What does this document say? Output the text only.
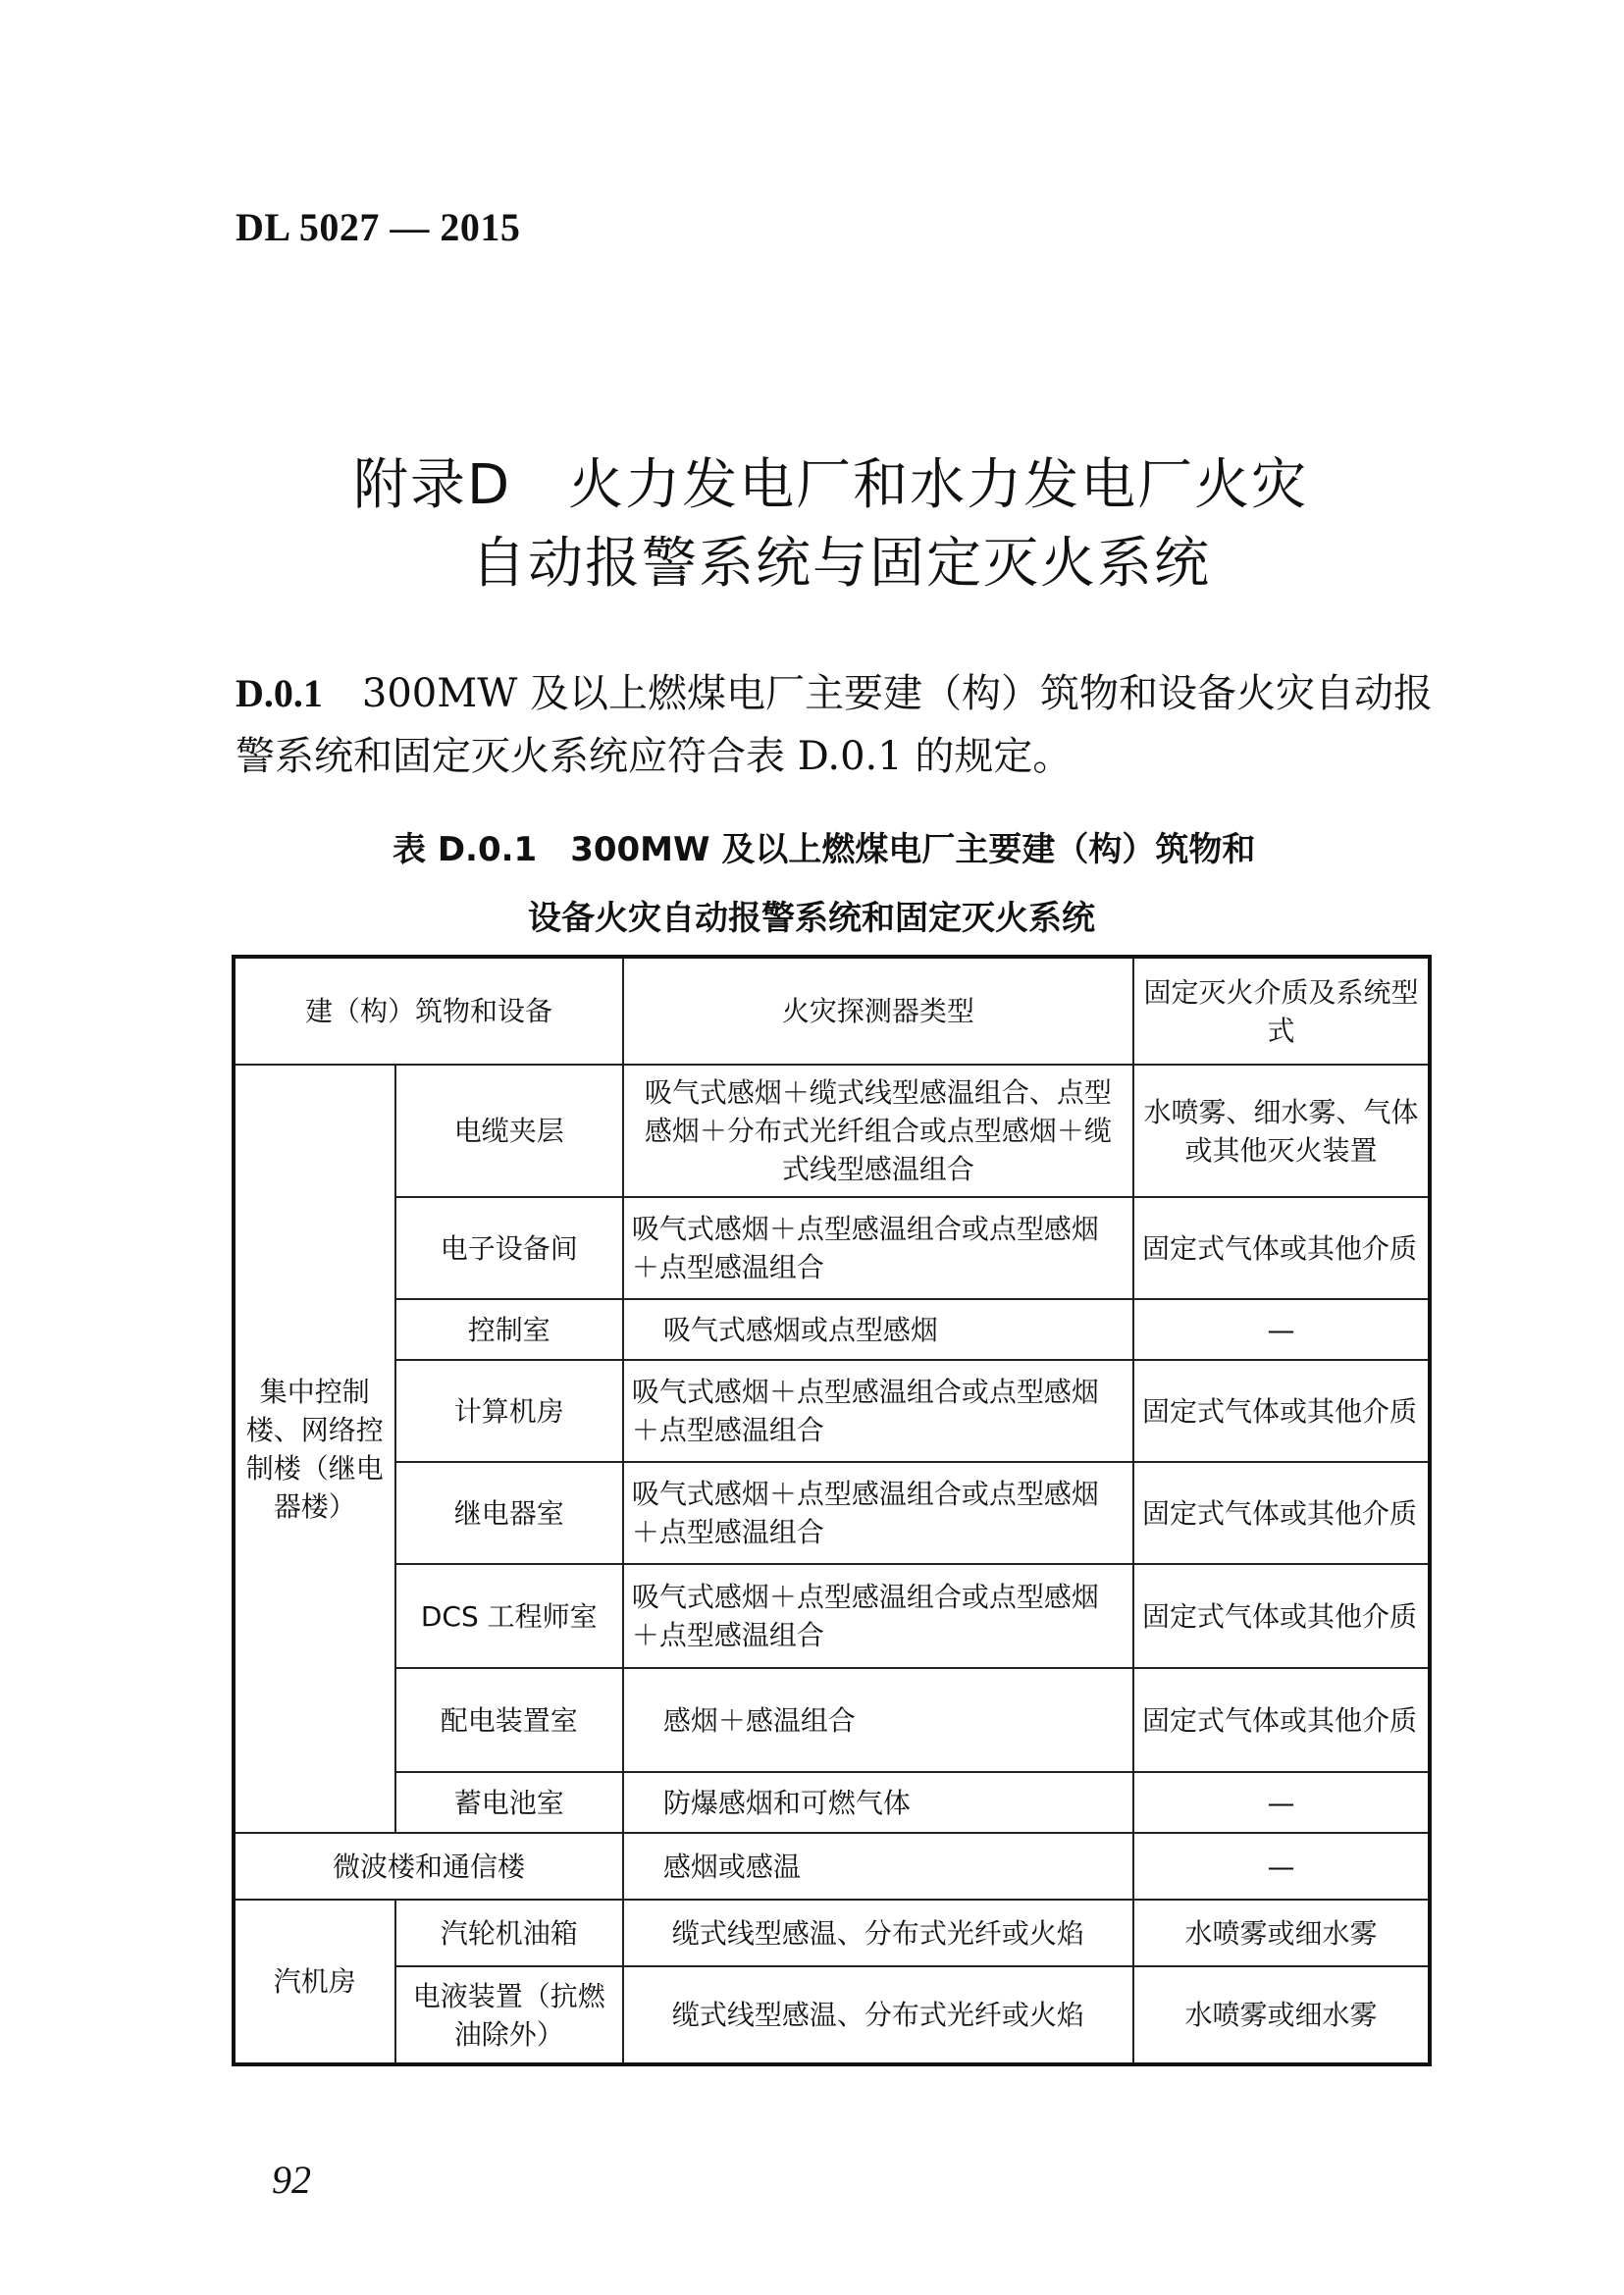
DL 5027 — 2015
附录D　火力发电厂和水力发电厂火灾
自动报警系统与固定灭火系统
D.0.1　 300MW 及以上燃煤电厂主要建（构）筑物和设备火灾自动报警系统和固定灭火系统应符合表 D.0.1 的规定。
表 D.0.1　300MW 及以上燃煤电厂主要建（构）筑物和
设备火灾自动报警系统和固定灭火系统
建（构）筑物和设备		火灾探测器类型	固定灭火介质及系统型式
集中控制楼、网络控制楼（继电器楼）	电缆夹层	吸气式感烟＋缆式线型感温组合、点型感烟＋分布式光纤组合或点型感烟＋缆式线型感温组合	水喷雾、细水雾、气体或其他灭火装置
	电子设备间	吸气式感烟＋点型感温组合或点型感烟＋点型感温组合	固定式气体或其他介质
	控制室	吸气式感烟或点型感烟	—
	计算机房	吸气式感烟＋点型感温组合或点型感烟＋点型感温组合	固定式气体或其他介质
	继电器室	吸气式感烟＋点型感温组合或点型感烟＋点型感温组合	固定式气体或其他介质
	DCS 工程师室	吸气式感烟＋点型感温组合或点型感烟＋点型感温组合	固定式气体或其他介质
	配电装置室	感烟＋感温组合	固定式气体或其他介质
	蓄电池室	防爆感烟和可燃气体	—
微波楼和通信楼		感烟或感温	—
汽机房	汽轮机油箱	缆式线型感温、分布式光纤或火焰	水喷雾或细水雾
	电液装置（抗燃油除外）	缆式线型感温、分布式光纤或火焰	水喷雾或细水雾
92
